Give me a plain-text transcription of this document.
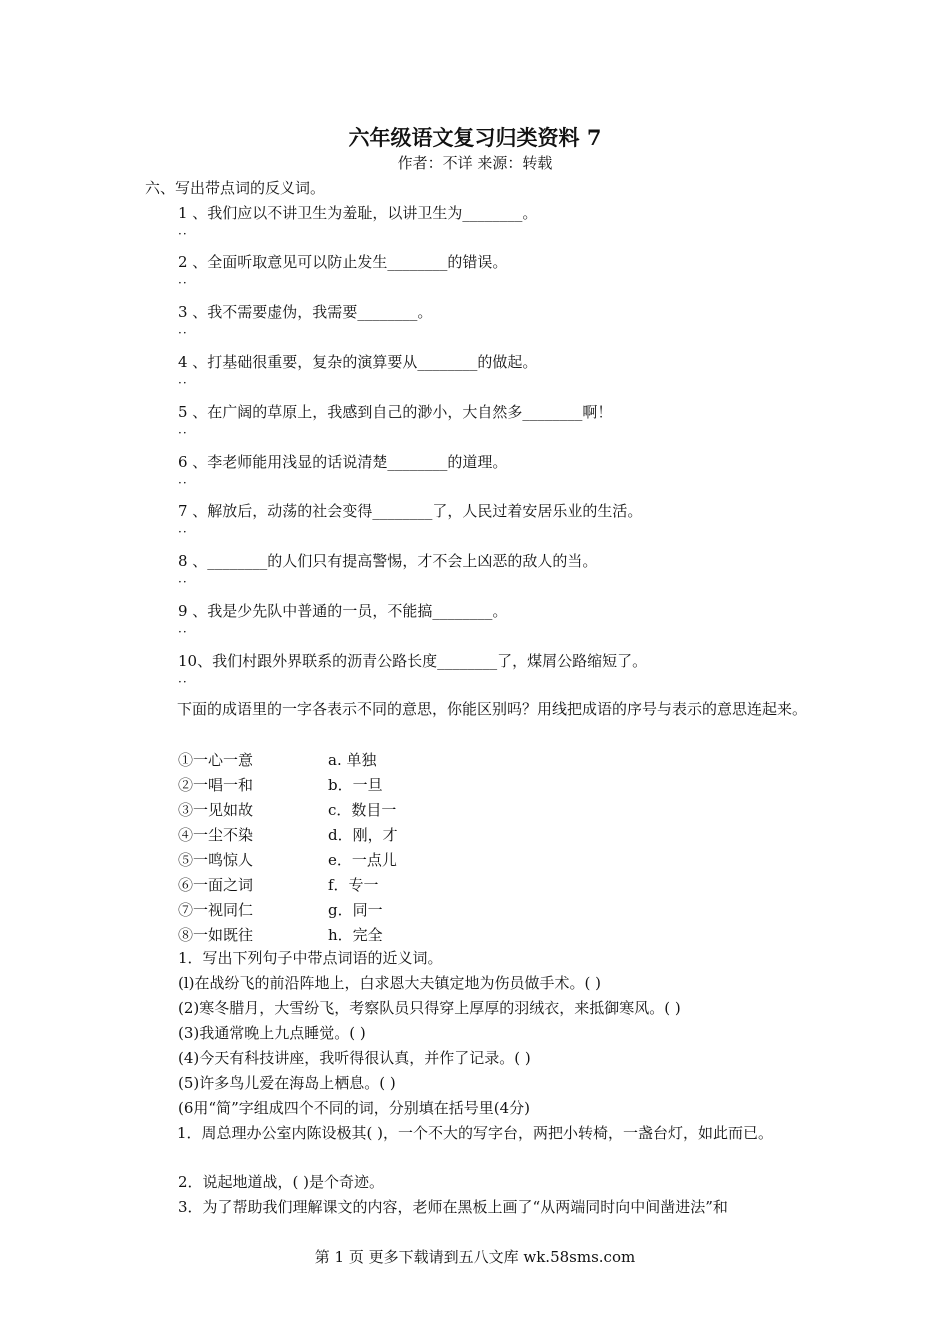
六年级语文复习归类资料 7
作者：不详 来源：转载
六、写出带点词的反义词。
1 、我们应以不讲卫生为羞耻，以讲卫生为________。
··
2 、全面听取意见可以防止发生________的错误。
··
3 、我不需要虚伪，我需要________。
··
4 、打基础很重要，复杂的演算要从________的做起。
··
5 、在广阔的草原上，我感到自己的渺小，大自然多________啊！
··
6 、李老师能用浅显的话说清楚________的道理。
··
7 、解放后，动荡的社会变得________了，人民过着安居乐业的生活。
··
8 、________的人们只有提高警惕，才不会上凶恶的敌人的当。
··
9 、我是少先队中普通的一员，不能搞________。
··
10、我们村跟外界联系的沥青公路长度________了，煤屑公路缩短了。
··
下面的成语里的一字各表示不同的意思，你能区别吗？用线把成语的序号与表示的意思连起来。
①一心一意	a. 单独
②一唱一和	b．一旦
③一见如故	c．数目一
④一尘不染	d．刚，才
⑤一鸣惊人	e．一点儿
⑥一面之词	f．专一
⑦一视同仁	g．同一
⑧一如既往	h．完全
1．写出下列句子中带点词语的近义词。
(l)在战纷飞的前沿阵地上，白求恩大夫镇定地为伤员做手术。( )
(2)寒冬腊月，大雪纷飞，考察队员只得穿上厚厚的羽绒衣，来抵御寒风。( )
(3)我通常晚上九点睡觉。( )
(4)今天有科技讲座，我听得很认真，并作了记录。( )
(5)许多鸟儿爱在海岛上栖息。( )
(6用“简”字组成四个不同的词，分别填在括号里(4分)
1．周总理办公室内陈设极其( )，一个不大的写字台，两把小转椅，一盏台灯，如此而已。
2．说起地道战，( )是个奇迹。
3．为了帮助我们理解课文的内容，老师在黑板上画了“从两端同时向中间凿进法”和
第 1 页 更多下载请到五八文库 wk.58sms.com
